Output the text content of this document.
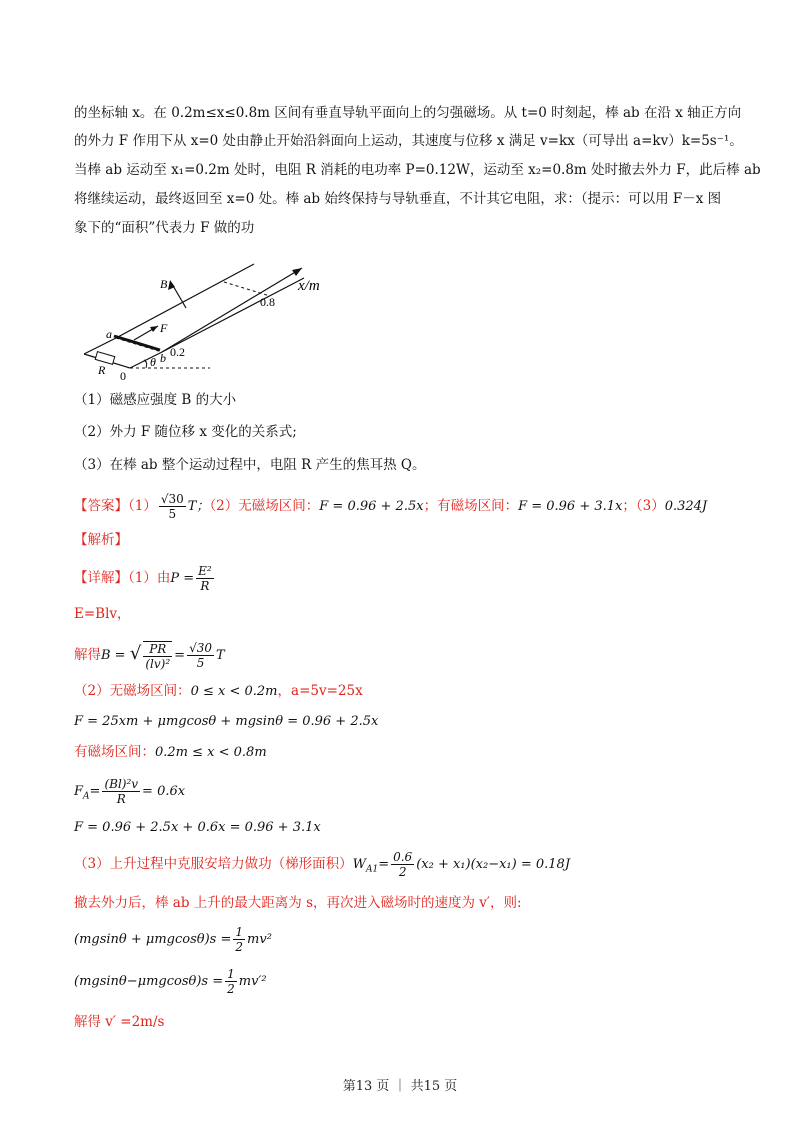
的坐标轴 x。在 0.2m≤x≤0.8m 区间有垂直导轨平面向上的匀强磁场。从 t=0 时刻起，棒 ab 在沿 x 轴正方向
的外力 F 作用下从 x=0 处由静止开始沿斜面向上运动，其速度与位移 x 满足 v=kx（可导出 a=kv）k=5s⁻¹。
当棒 ab 运动至 x₁=0.2m 处时，电阻 R 消耗的电功率 P=0.12W，运动至 x₂=0.8m 处时撤去外力 F，此后棒 ab
将继续运动，最终返回至 x=0 处。棒 ab 始终保持与导轨垂直，不计其它电阻，求：（提示：可以用 F－x 图
象下的“面积”代表力 F 做的功
B	x/m
0.8
0.2
a
b
F
R 0
θ
（1）磁感应强度 B 的大小
（2）外力 F 随位移 x 变化的关系式;
（3）在棒 ab 整个运动过程中，电阻 R 产生的焦耳热 Q。
【答案】$(1) \frac{√30}{5}$ T；（2）无磁场区间：F = 0.96 + 2.5x；有磁场区间：F = 0.96 + 3.1x；（3）0.324J
【解析】
【详解】（1）由$P = \frac{\text{E²}}{R}$
E=Blv，
解得B = √ $\frac{PR}{\text{(lv)²}} = \frac{√30}{5}$ T
（2）无磁场区间：0 ≤ x < 0.2m，a=5v=25x
F = 25xm + μmgcosθ + mgsinθ = 0.96 + 2.5x
有磁场区间：0.2m ≤ x < 0.8m
$F_A= \frac{\text{(Bl)²v}}{R} = 0.6x$
F = 0.96 + 2.5x + 0.6x = 0.96 + 3.1x
（3）上升过程中克服安培力做功（梯形面积）$W_{A1}= \frac{0.6}{2} (x_2 + x_1)(x_2-x_1) = 0.18J$
撤去外力后，棒 ab 上升的最大距离为 s，再次进入磁场时的速度为 v′，则:
$(mgsin\theta + \mu mgcos\theta)s = \frac{1}{2} mv^2$
$(mgsin\theta-\mu mgcos\theta)s = \frac{1}{2} mv'^2$
解得 v′ =2m/s
第13 页 ｜ 共15 页
